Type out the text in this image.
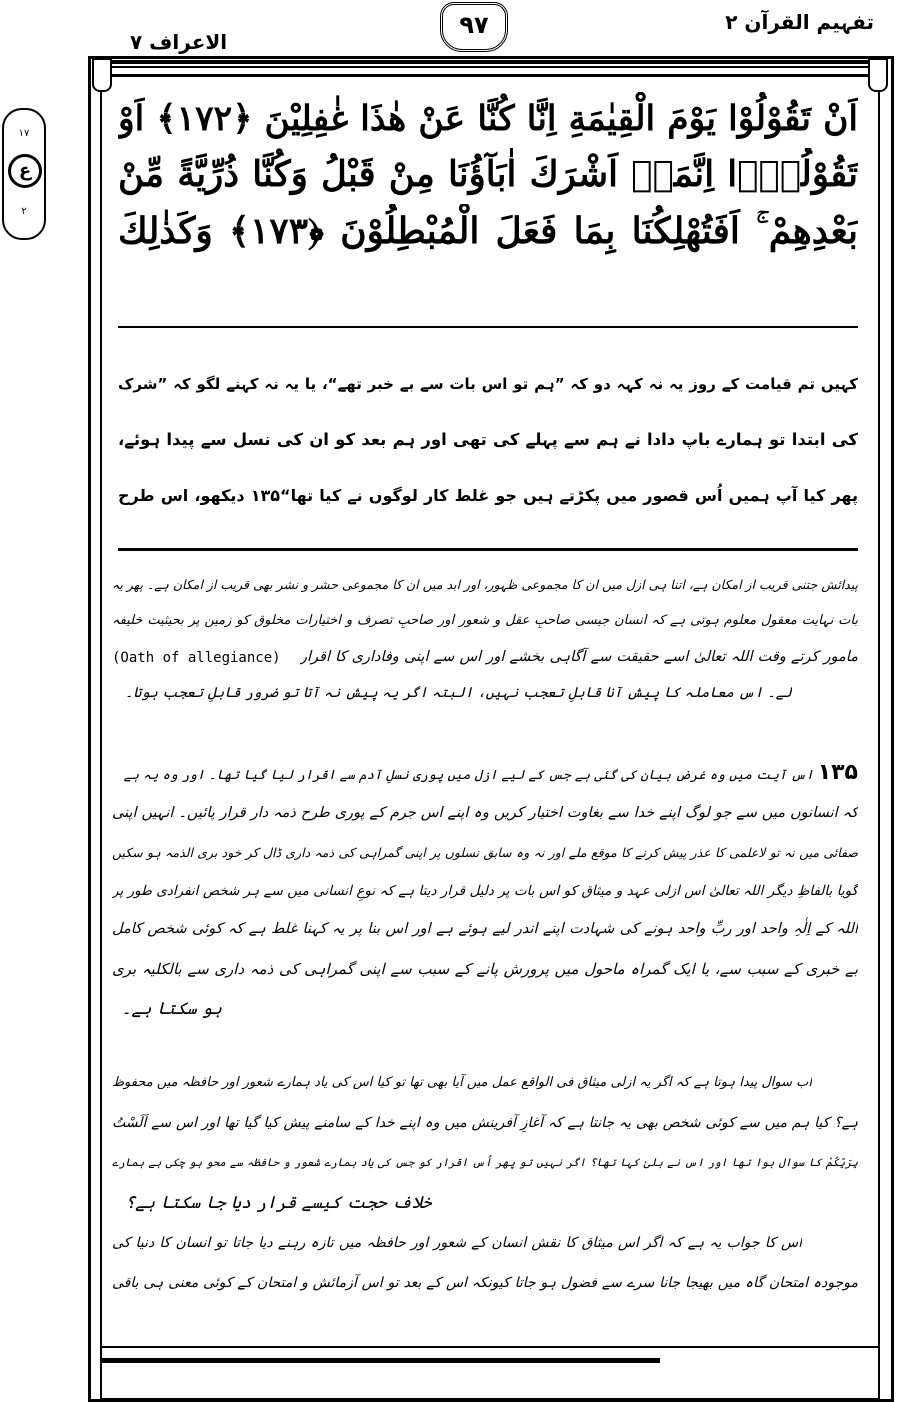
تفہیم القرآن ۲
۹۷
الاعراف ۷
۱۷
ع
۲
اَنْ تَقُوْلُوْا یَوْمَ الْقِیٰمَةِ اِنَّا كُنَّا عَنْ هٰذَا غٰفِلِیْنَ ﴿۱۷۲﴾ اَوْ
تَقُوْلُوْۤا اِنَّمَاۤ اَشْرَكَ اٰبَآؤُنَا مِنْ قَبْلُ وَكُنَّا ذُرِّیَّةً مِّنْ
بَعْدِهِمْ ۚ اَفَتُهْلِكُنَا بِمَا فَعَلَ الْمُبْطِلُوْنَ ﴿۱۷۳﴾ وَكَذٰلِكَ
کہیں تم قیامت کے روز یہ نہ کہہ دو کہ ”ہم تو اس بات سے بے خبر تھے“، یا یہ نہ کہنے لگو کہ ”شرک
کی ابتدا تو ہمارے باپ دادا نے ہم سے پہلے کی تھی اور ہم بعد کو ان کی نسل سے پیدا ہوئے،
پھر کیا آپ ہمیں اُس قصور میں پکڑتے ہیں جو غلط کار لوگوں نے کیا تھا“۱۳۵ دیکھو، اس طرح
پیدائش جتنی قریب از امکان ہے، اتنا ہی ازل میں ان کا مجموعی ظہور، اور ابد میں ان کا مجموعی حشر و نشر بھی قریب از امکان ہے۔ پھر یہ
بات نہایت معقول معلوم ہوتی ہے کہ انسان جیسی صاحبِ عقل و شعور اور صاحبِ تصرف و اختیارات مخلوق کو زمین پر بحیثیت خلیفہ
(Oath of allegiance)	مامور کرتے وقت اللہ تعالیٰ اسے حقیقت سے آگاہی بخشے اور اس سے اپنی وفاداری کا اقرار
لے۔ اس معاملہ کا پیش آنا قابلِ تعجب نہیں، البتہ اگر یہ پیش نہ آتا تو ضرور قابلِ تعجب ہوتا۔
۱۳۵ اس آیت میں وہ غرض بیان کی گئی ہے جس کے لیے ازل میں پوری نسلِ آدم سے اقرار لیا گیا تھا۔ اور وہ یہ ہے
کہ انسانوں میں سے جو لوگ اپنے خدا سے بغاوت اختیار کریں وہ اپنے اس جرم کے پوری طرح ذمہ دار قرار پائیں۔ انہیں اپنی
صفائی میں نہ تو لاعلمی کا عذر پیش کرنے کا موقع ملے اور نہ وہ سابق نسلوں پر اپنی گمراہی کی ذمہ داری ڈال کر خود بری الذمہ ہو سکیں
گویا بالفاظِ دیگر اللہ تعالیٰ اس ازلی عہد و میثاق کو اس بات پر دلیل قرار دیتا ہے کہ نوعِ انسانی میں سے ہر شخص انفرادی طور پر
اللہ کے اِلٰہِ واحد اور ربِّ واحد ہونے کی شہادت اپنے اندر لیے ہوئے ہے اور اس بنا پر یہ کہنا غلط ہے کہ کوئی شخص کامل
بے خبری کے سبب سے، یا ایک گمراہ ماحول میں پرورش پانے کے سبب سے اپنی گمراہی کی ذمہ داری سے بالکلیہ بری
ہو سکتا ہے۔
اب سوال پیدا ہوتا ہے کہ اگر یہ ازلی میثاق فی الواقع عمل میں آیا بھی تھا تو کیا اس کی یاد ہمارے شعور اور حافظہ میں محفوظ
ہے؟ کیا ہم میں سے کوئی شخص بھی یہ جانتا ہے کہ آغازِ آفرینش میں وہ اپنے خدا کے سامنے پیش کیا گیا تھا اور اس سے اَلَسْتُ
بِرَبِّكُمْ کا سوال ہوا تھا اور اس نے بلیٰ کہا تھا؟ اگر نہیں تو پھر اُس اقرار کو جس کی یاد ہمارے شعور و حافظہ سے محو ہو چکی ہے ہمارے
خلاف حجت کیسے قرار دیا جا سکتا ہے؟
اس کا جواب یہ ہے کہ اگر اس میثاق کا نقش انسان کے شعور اور حافظہ میں تازہ رہنے دیا جاتا تو انسان کا دنیا کی
موجودہ امتحان گاہ میں بھیجا جانا سرے سے فضول ہو جاتا کیونکہ اس کے بعد تو اس آزمائش و امتحان کے کوئی معنی ہی باقی
